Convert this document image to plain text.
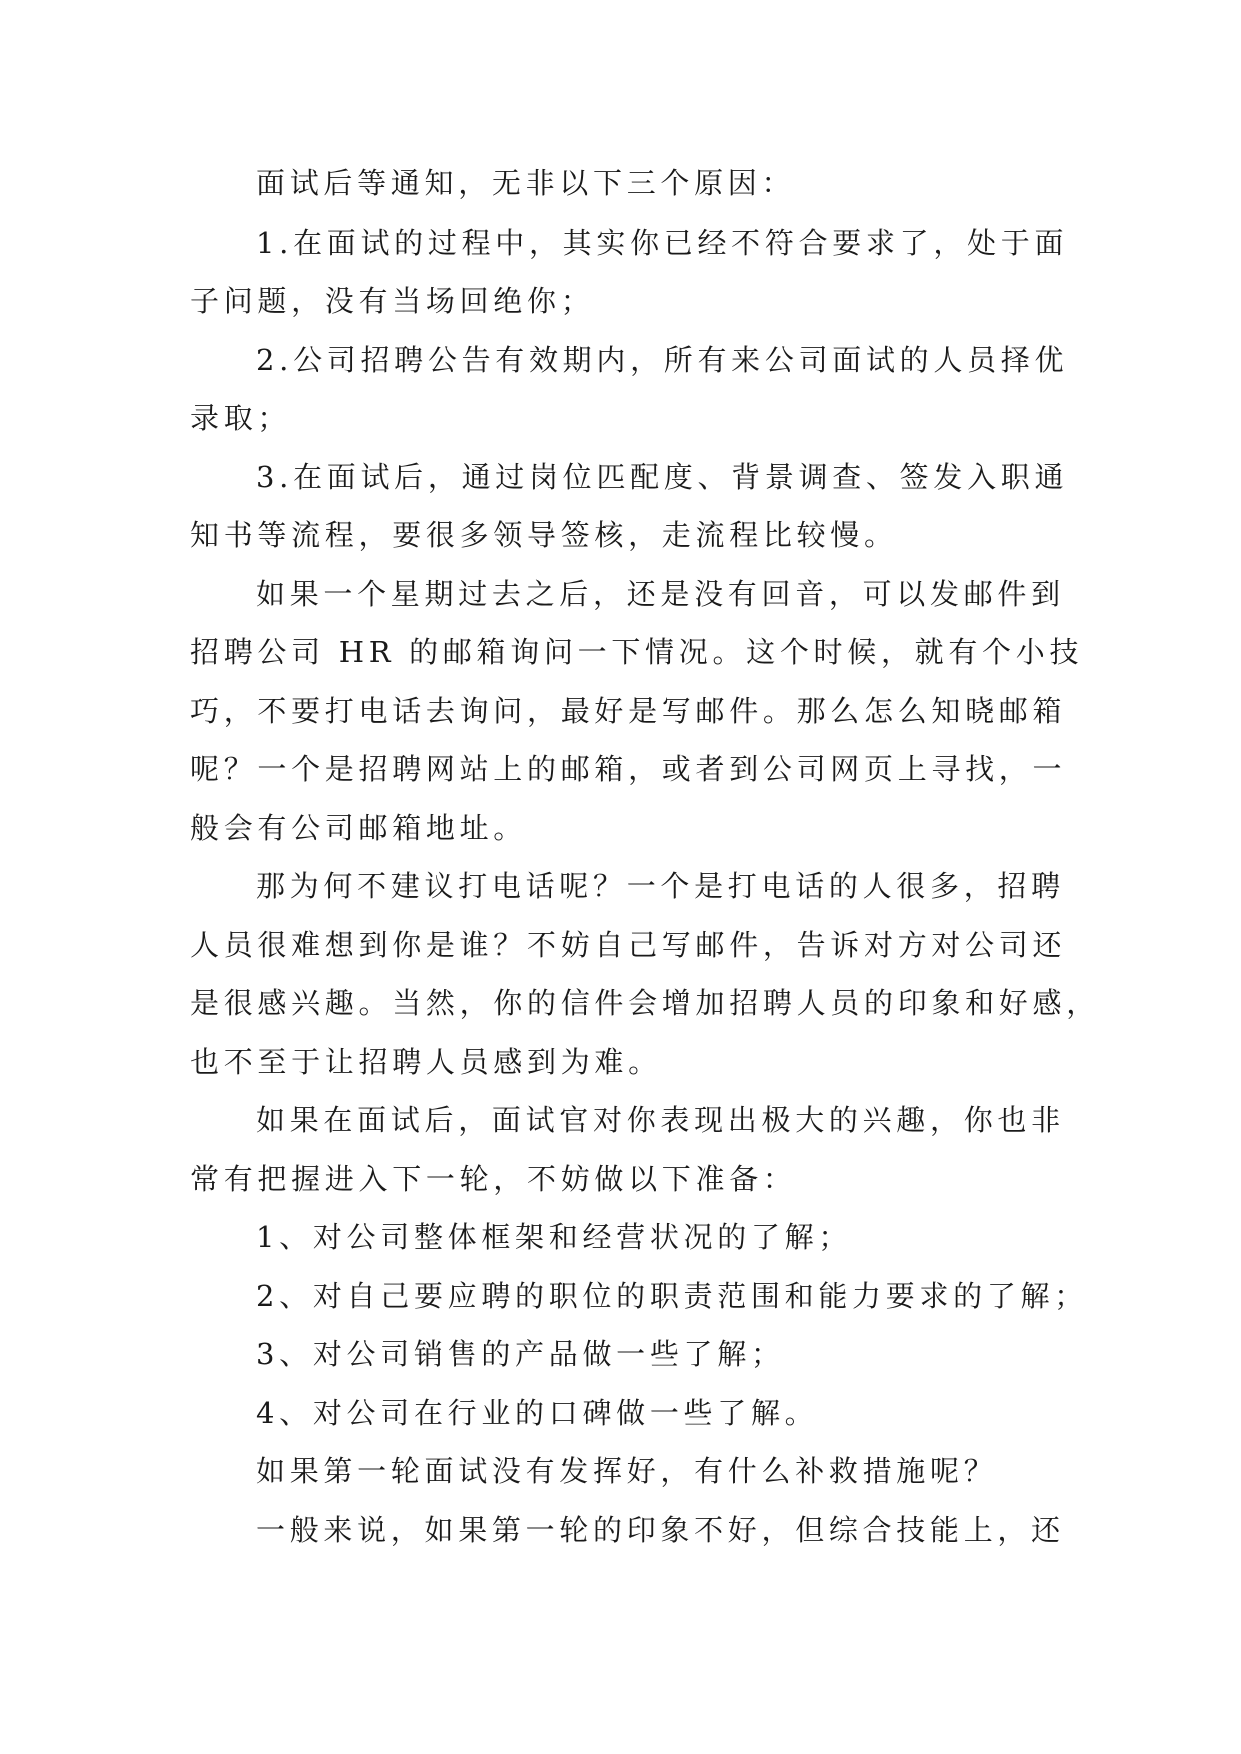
面试后等通知，无非以下三个原因：

1.在面试的过程中，其实你已经不符合要求了，处于面

子问题，没有当场回绝你；

2.公司招聘公告有效期内，所有来公司面试的人员择优

录取；

3.在面试后，通过岗位匹配度、背景调查、签发入职通

知书等流程，要很多领导签核，走流程比较慢。

如果一个星期过去之后，还是没有回音，可以发邮件到

招聘公司 HR 的邮箱询问一下情况。这个时候，就有个小技

巧，不要打电话去询问，最好是写邮件。那么怎么知晓邮箱

呢？一个是招聘网站上的邮箱，或者到公司网页上寻找，一

般会有公司邮箱地址。

那为何不建议打电话呢？一个是打电话的人很多，招聘

人员很难想到你是谁？不妨自己写邮件，告诉对方对公司还

是很感兴趣。当然，你的信件会增加招聘人员的印象和好感，

也不至于让招聘人员感到为难。

如果在面试后，面试官对你表现出极大的兴趣，你也非

常有把握进入下一轮，不妨做以下准备：

1、对公司整体框架和经营状况的了解；

2、对自己要应聘的职位的职责范围和能力要求的了解；

3、对公司销售的产品做一些了解；

4、对公司在行业的口碑做一些了解。

如果第一轮面试没有发挥好，有什么补救措施呢？

一般来说，如果第一轮的印象不好，但综合技能上，还
